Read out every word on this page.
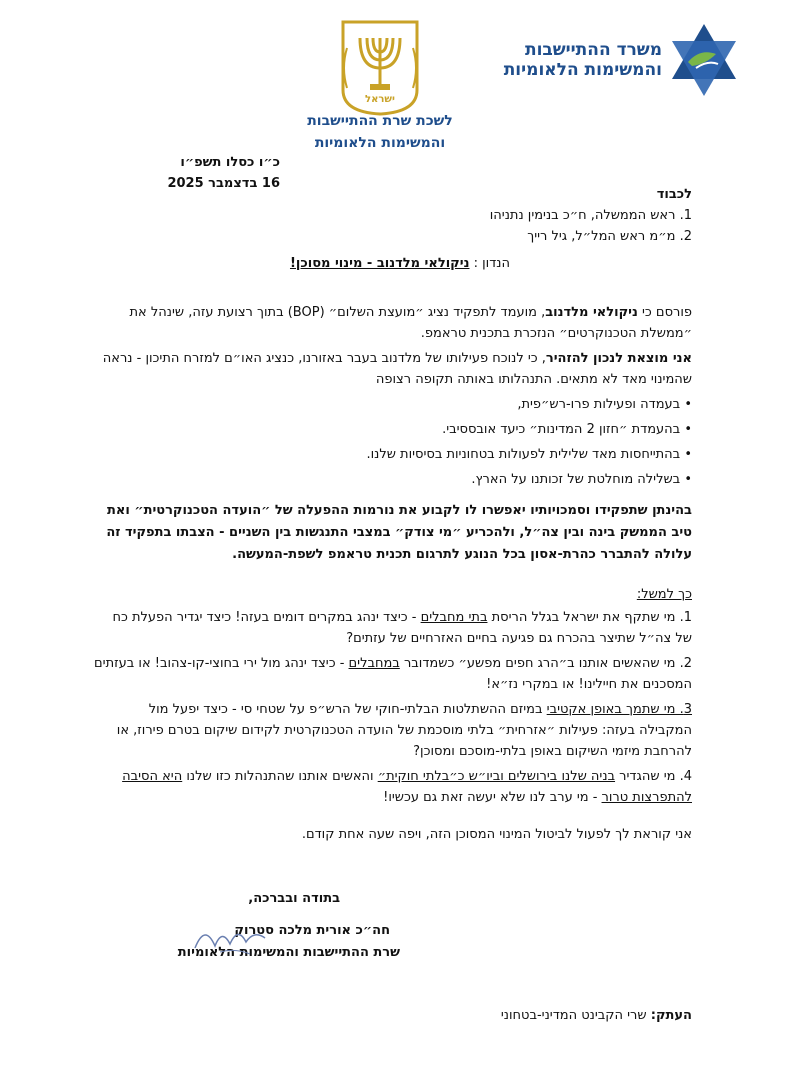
משרד ההתיישבות
והמשימות הלאומיות
ישראל
לשכת שרת ההתיישבות
והמשימות הלאומיות
כ״ו כסלו תשפ״ו
16 בדצמבר 2025
לכבוד
1. ראש הממשלה, ח״כ בנימין נתניהו
2. מ״מ ראש המל״ל, גיל רייך
הנדון : ניקולאי מלדנוב - מינוי מסוכן!
פורסם כי ניקולאי מלדנוב, מועמד לתפקיד נציג ״מועצת השלום״ (BOP) בתוך רצועת עזה, שינהל את ״ממשלת הטכנוקרטים״ הנזכרת בתכנית טראמפ.
אני מוצאת לנכון להזהיר, כי לנוכח פעילותו של מלדנוב בעבר באזורנו, כנציג האו״ם למזרח התיכון - נראה שהמינוי מאד לא מתאים. התנהלותו באותה תקופה רצופה
• בעמדה ופעילות פרו-רש״פית,
• בהעמדת ״חזון 2 המדינות״ כיעד אובססיבי.
• בהתייחסות מאד שלילית לפעולות בטחוניות בסיסיות שלנו.
• בשלילה מוחלטת של זכותנו על הארץ.
בהינתן שתפקידו וסמכויותיו יאפשרו לו לקבוע את נורמות ההפעלה של ״הועדה הטכנוקרטית״ ואת טיב הממשק בינה ובין צה״ל, ולהכריע ״מי צודק״ במצבי התנגשות בין השניים - הצבתו בתפקיד זה עלולה להתברר כהרת-אסון בכל הנוגע לתרגום תכנית טראמפ לשפת-המעשה.
כך למשל:
1. מי שתקף את ישראל בגלל הריסת בתי מחבלים - כיצד ינהג במקרים דומים בעזה! כיצד יגדיר הפעלת כח של צה״ל שתיצר בהכרח גם פגיעה בחיים האזרחיים של עזתים?
2. מי שהאשים אותנו ב״הרג חפים מפשע״ כשמדובר במחבלים - כיצד ינהג מול ירי בחוצי-קו-צהוב! או בעזתים המסכנים את חיילינו! או במקרי נז״א!
3. מי שתמך באופן אקטיבי במיזם ההשתלטות הבלתי-חוקי של הרש״פ על שטחי סי - כיצד יפעל מול המקבילה בעזה: פעילות ״אזרחית״ בלתי מוסכמת של הועדה הטכנוקרטית לקידום שיקום בטרם פירוז, או להרחבת מיזמי השיקום באופן בלתי-מוסכם ומסוכן?
4. מי שהגדיר בניה שלנו בירושלים וביו״ש כ״בלתי חוקית״ והאשים אותנו שהתנהלות כזו שלנו היא הסיבה להתפרצות טרור - מי ערב לנו שלא יעשה זאת גם עכשיו!
אני קוראת לך לפעול לביטול המינוי המסוכן הזה, ויפה שעה אחת קודם.
בתודה ובברכה,
חה״כ אורית מלכה סטרוק
שרת ההתיישבות והמשימות הלאומיות
העתק: שרי הקבינט המדיני-בטחוני
